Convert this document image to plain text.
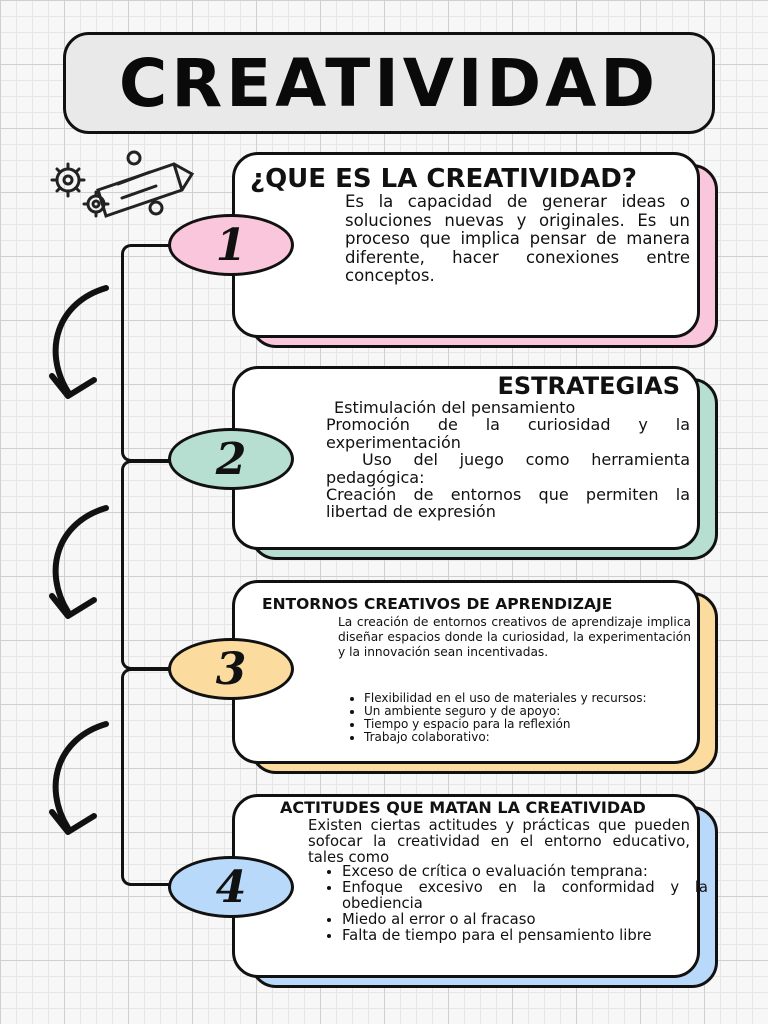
CREATIVIDAD
¿QUE ES LA CREATIVIDAD?

Es la capacidad de generar ideas o soluciones nuevas y originales. Es un proceso que implica pensar de manera diferente, hacer conexiones entre conceptos.

1
ESTRATEGIAS
Estimulación del pensamiento
Promoción de la curiosidad y la experimentación
Uso del juego como herramienta pedagógica:
Creación de entornos que permiten la libertad de expresión
2
ENTORNOS CREATIVOS DE APRENDIZAJE

La creación de entornos creativos de aprendizaje implica diseñar espacios donde la curiosidad, la experimentación y la innovación sean incentivadas.

• Flexibilidad en el uso de materiales y recursos:
• Un ambiente seguro y de apoyo:
• Tiempo y espacio para la reflexión
• Trabajo colaborativo:
3
ACTITUDES QUE MATAN LA CREATIVIDAD

Existen ciertas actitudes y prácticas que pueden sofocar la creatividad en el entorno educativo, tales como

• Exceso de crítica o evaluación temprana:
• Enfoque excesivo en la conformidad y la obediencia
• Miedo al error o al fracaso
• Falta de tiempo para el pensamiento libre
4
